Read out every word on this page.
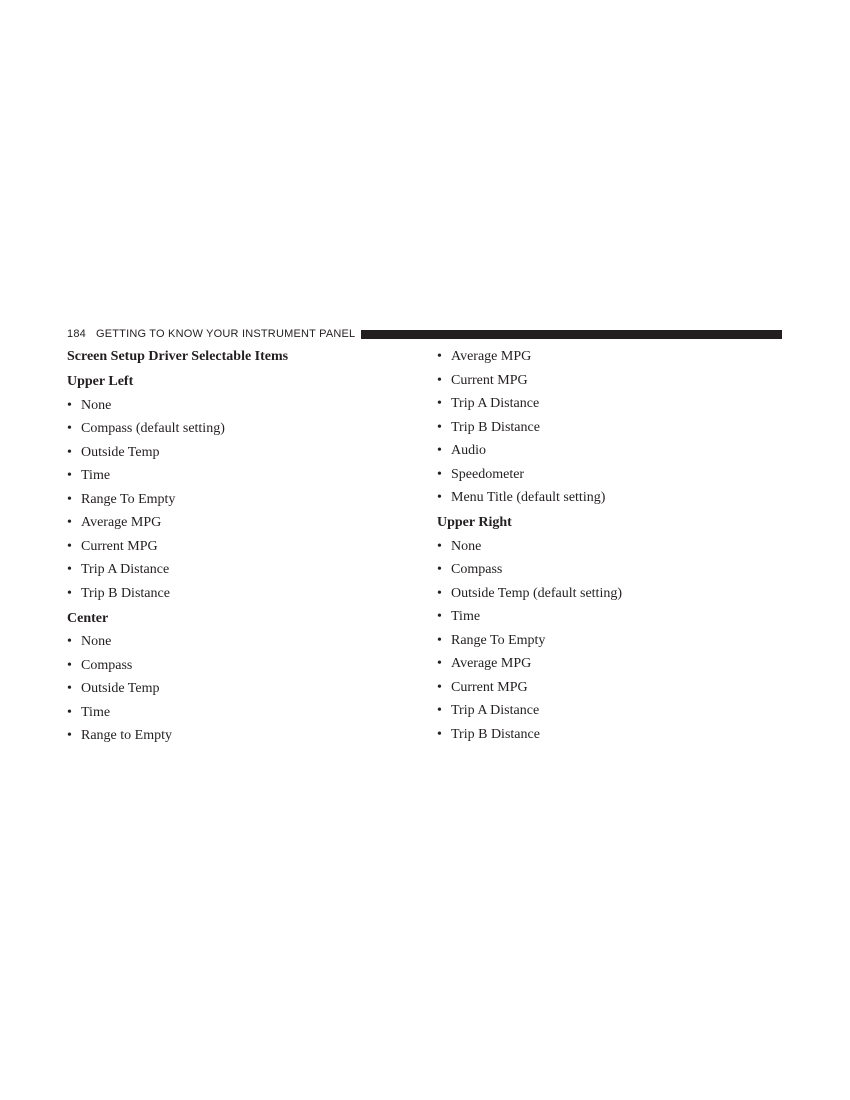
184 GETTING TO KNOW YOUR INSTRUMENT PANEL
Screen Setup Driver Selectable Items
Upper Left
• None
• Compass (default setting)
• Outside Temp
• Time
• Range To Empty
• Average MPG
• Current MPG
• Trip A Distance
• Trip B Distance
Center
• None
• Compass
• Outside Temp
• Time
• Range to Empty
• Average MPG
• Current MPG
• Trip A Distance
• Trip B Distance
• Audio
• Speedometer
• Menu Title (default setting)
Upper Right
• None
• Compass
• Outside Temp (default setting)
• Time
• Range To Empty
• Average MPG
• Current MPG
• Trip A Distance
• Trip B Distance
